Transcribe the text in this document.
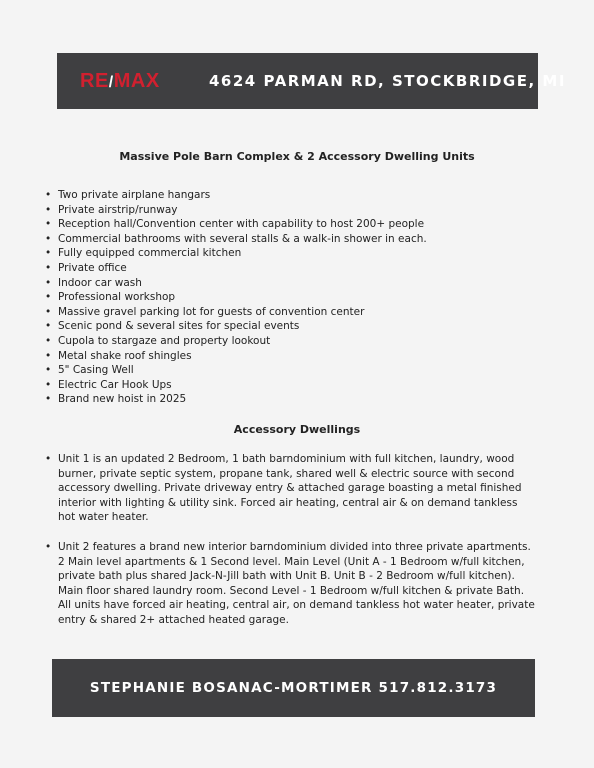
RE/MAX	4624 PARMAN RD, STOCKBRIDGE, MI
Massive Pole Barn Complex & 2 Accessory Dwelling Units
• Two private airplane hangars
• Private airstrip/runway
• Reception hall/Convention center with capability to host 200+ people
• Commercial bathrooms with several stalls & a walk-in shower in each.
• Fully equipped commercial kitchen
• Private office
• Indoor car wash
• Professional workshop
• Massive gravel parking lot for guests of convention center
• Scenic pond & several sites for special events
• Cupola to stargaze and property lookout
• Metal shake roof shingles
• 5" Casing Well
• Electric Car Hook Ups
• Brand new hoist in 2025
Accessory Dwellings
• Unit 1 is an updated 2 Bedroom, 1 bath barndominium with full kitchen, laundry, wood burner, private septic system, propane tank, shared well & electric source with second accessory dwelling. Private driveway entry & attached garage boasting a metal finished interior with lighting & utility sink. Forced air heating, central air & on demand tankless hot water heater.
• Unit 2 features a brand new interior barndominium divided into three private apartments. 2 Main level apartments & 1 Second level. Main Level (Unit A - 1 Bedroom w/full kitchen, private bath plus shared Jack-N-Jill bath with Unit B. Unit B - 2 Bedroom w/full kitchen). Main floor shared laundry room. Second Level - 1 Bedroom w/full kitchen & private Bath. All units have forced air heating, central air, on demand tankless hot water heater, private entry & shared 2+ attached heated garage.
STEPHANIE BOSANAC-MORTIMER 517.812.3173
